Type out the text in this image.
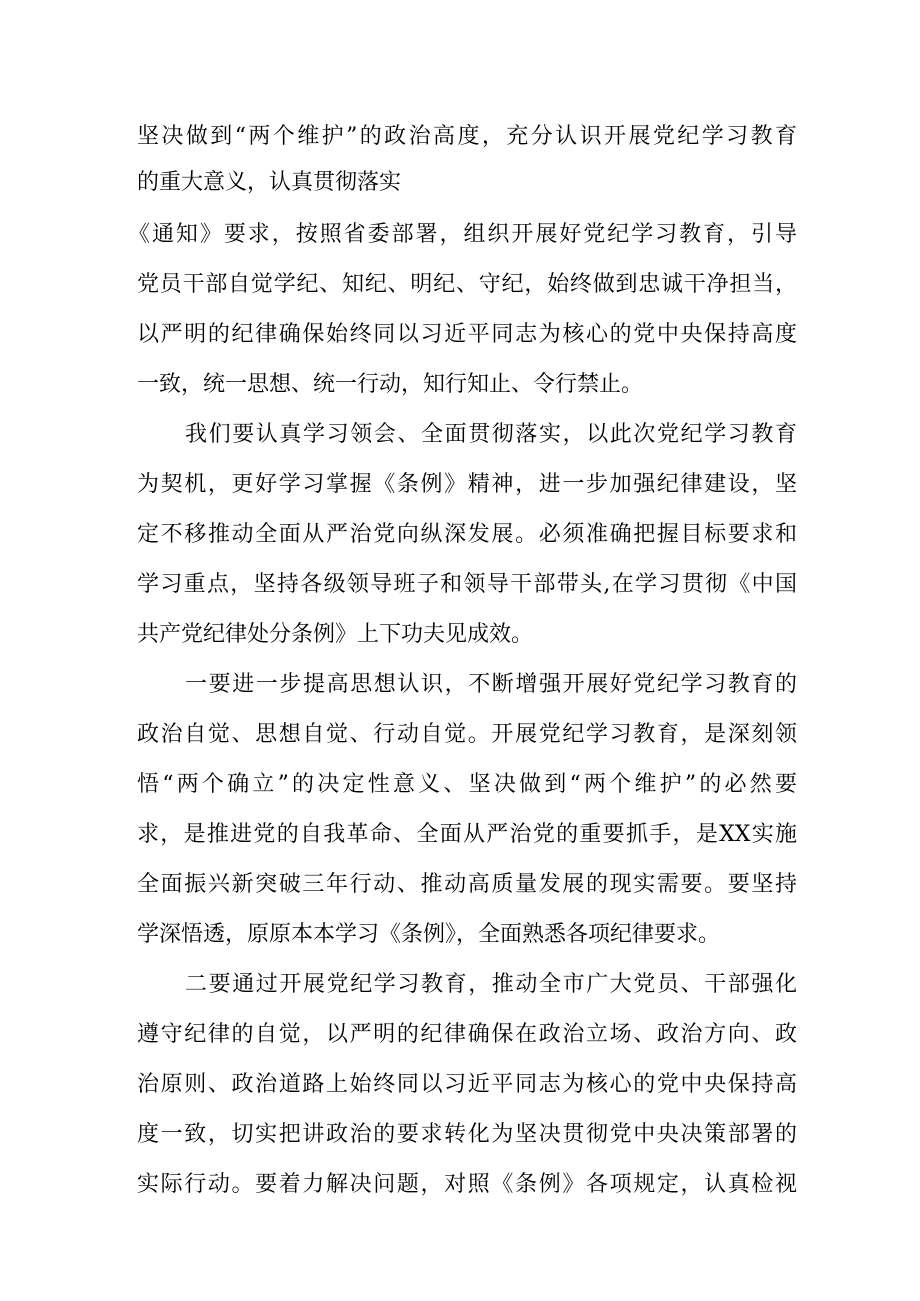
坚决做到“两个维护”的政治高度，充分认识开展党纪学习教育
的重大意义，认真贯彻落实
《通知》要求，按照省委部署，组织开展好党纪学习教育，引导
党员干部自觉学纪、知纪、明纪、守纪，始终做到忠诚干净担当，
以严明的纪律确保始终同以习近平同志为核心的党中央保持高度
一致，统一思想、统一行动，知行知止、令行禁止。
我们要认真学习领会、全面贯彻落实，以此次党纪学习教育
为契机，更好学习掌握《条例》精神，进一步加强纪律建设，坚
定不移推动全面从严治党向纵深发展。必须准确把握目标要求和
学习重点，坚持各级领导班子和领导干部带头,在学习贯彻《中国
共产党纪律处分条例》上下功夫见成效。
一要进一步提高思想认识，不断增强开展好党纪学习教育的
政治自觉、思想自觉、行动自觉。开展党纪学习教育，是深刻领
悟“两个确立”的决定性意义、坚决做到“两个维护”的必然要
求，是推进党的自我革命、全面从严治党的重要抓手，是XX实施
全面振兴新突破三年行动、推动高质量发展的现实需要。要坚持
学深悟透，原原本本学习《条例》，全面熟悉各项纪律要求。
二要通过开展党纪学习教育，推动全市广大党员、干部强化
遵守纪律的自觉，以严明的纪律确保在政治立场、政治方向、政
治原则、政治道路上始终同以习近平同志为核心的党中央保持高
度一致，切实把讲政治的要求转化为坚决贯彻党中央决策部署的
实际行动。要着力解决问题，对照《条例》各项规定，认真检视
